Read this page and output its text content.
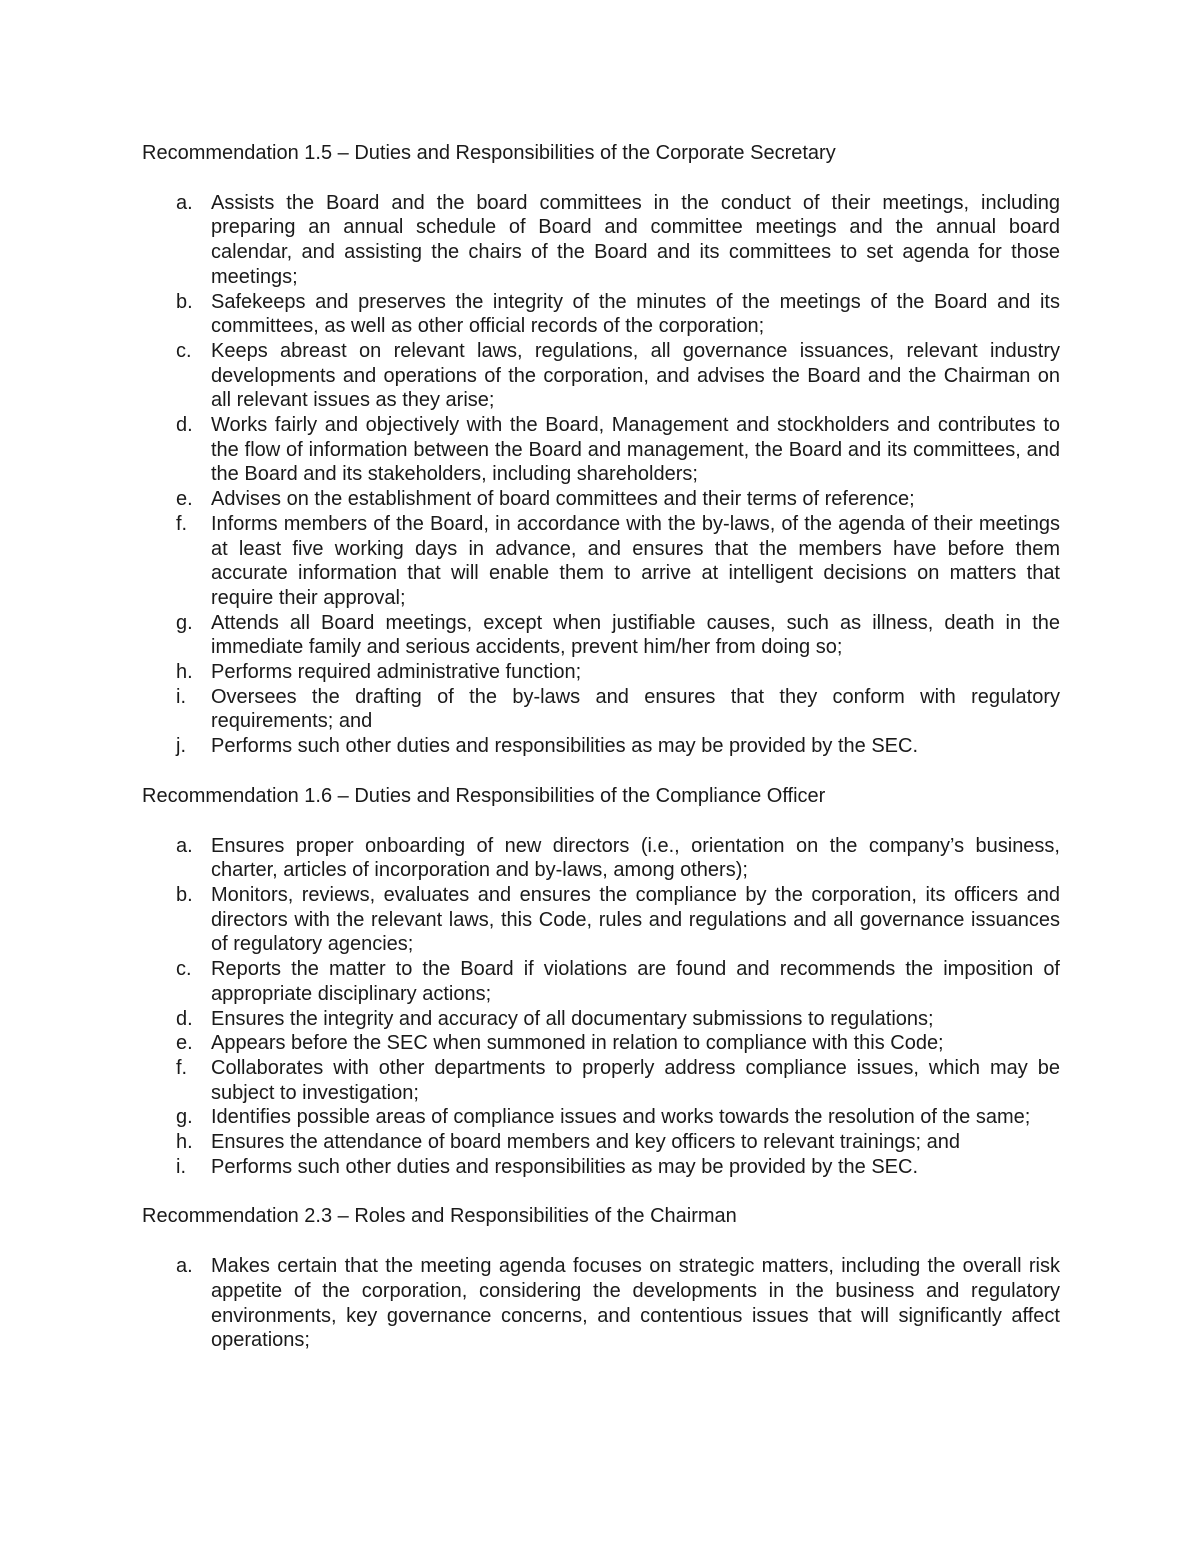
Recommendation 1.5 – Duties and Responsibilities of the Corporate Secretary

a. Assists the Board and the board committees in the conduct of their meetings, including preparing an annual schedule of Board and committee meetings and the annual board calendar, and assisting the chairs of the Board and its committees to set agenda for those meetings;
b. Safekeeps and preserves the integrity of the minutes of the meetings of the Board and its committees, as well as other official records of the corporation;
c. Keeps abreast on relevant laws, regulations, all governance issuances, relevant industry developments and operations of the corporation, and advises the Board and the Chairman on all relevant issues as they arise;
d. Works fairly and objectively with the Board, Management and stockholders and contributes to the flow of information between the Board and management, the Board and its committees, and the Board and its stakeholders, including shareholders;
e. Advises on the establishment of board committees and their terms of reference;
f. Informs members of the Board, in accordance with the by-laws, of the agenda of their meetings at least five working days in advance, and ensures that the members have before them accurate information that will enable them to arrive at intelligent decisions on matters that require their approval;
g. Attends all Board meetings, except when justifiable causes, such as illness, death in the immediate family and serious accidents, prevent him/her from doing so;
h. Performs required administrative function;
i. Oversees the drafting of the by-laws and ensures that they conform with regulatory requirements; and
j. Performs such other duties and responsibilities as may be provided by the SEC.

Recommendation 1.6 – Duties and Responsibilities of the Compliance Officer

a. Ensures proper onboarding of new directors (i.e., orientation on the company’s business, charter, articles of incorporation and by-laws, among others);
b. Monitors, reviews, evaluates and ensures the compliance by the corporation, its officers and directors with the relevant laws, this Code, rules and regulations and all governance issuances of regulatory agencies;
c. Reports the matter to the Board if violations are found and recommends the imposition of appropriate disciplinary actions;
d. Ensures the integrity and accuracy of all documentary submissions to regulations;
e. Appears before the SEC when summoned in relation to compliance with this Code;
f. Collaborates with other departments to properly address compliance issues, which may be subject to investigation;
g. Identifies possible areas of compliance issues and works towards the resolution of the same;
h. Ensures the attendance of board members and key officers to relevant trainings; and
i. Performs such other duties and responsibilities as may be provided by the SEC.

Recommendation 2.3 – Roles and Responsibilities of the Chairman

a. Makes certain that the meeting agenda focuses on strategic matters, including the overall risk appetite of the corporation, considering the developments in the business and regulatory environments, key governance concerns, and contentious issues that will significantly affect operations;
